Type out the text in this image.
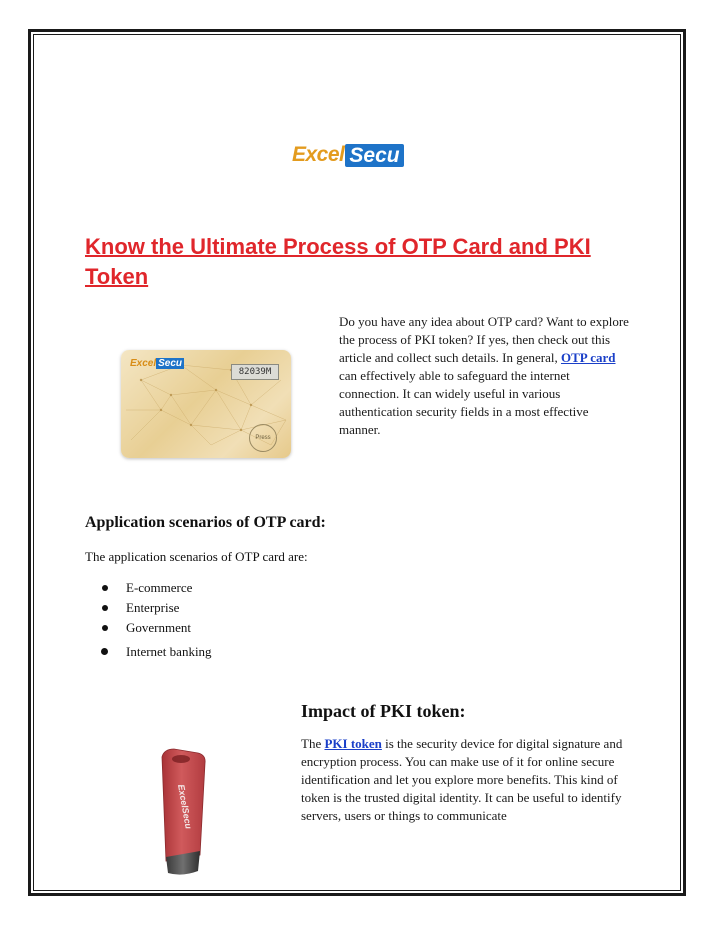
Excel Secu
Know the Ultimate Process of OTP Card and PKI Token
Excel Secu
82039M
Press

Do you have any idea about OTP card? Want to explore the process of PKI token? If yes, then check out this article and collect such details. In general, OTP card can effectively able to safeguard the internet connection. It can widely useful in various authentication security fields in a most effective manner.

Application scenarios of OTP card:

The application scenarios of OTP card are:

E-commerce
Enterprise
Government
Internet banking
Impact of PKI token:

The PKI token is the security device for digital signature and encryption process. You can make use of it for online secure identification and let you explore more benefits. This kind of token is the trusted digital identity. It can be useful to identify servers, users or things to communicate

ExcelSecu
